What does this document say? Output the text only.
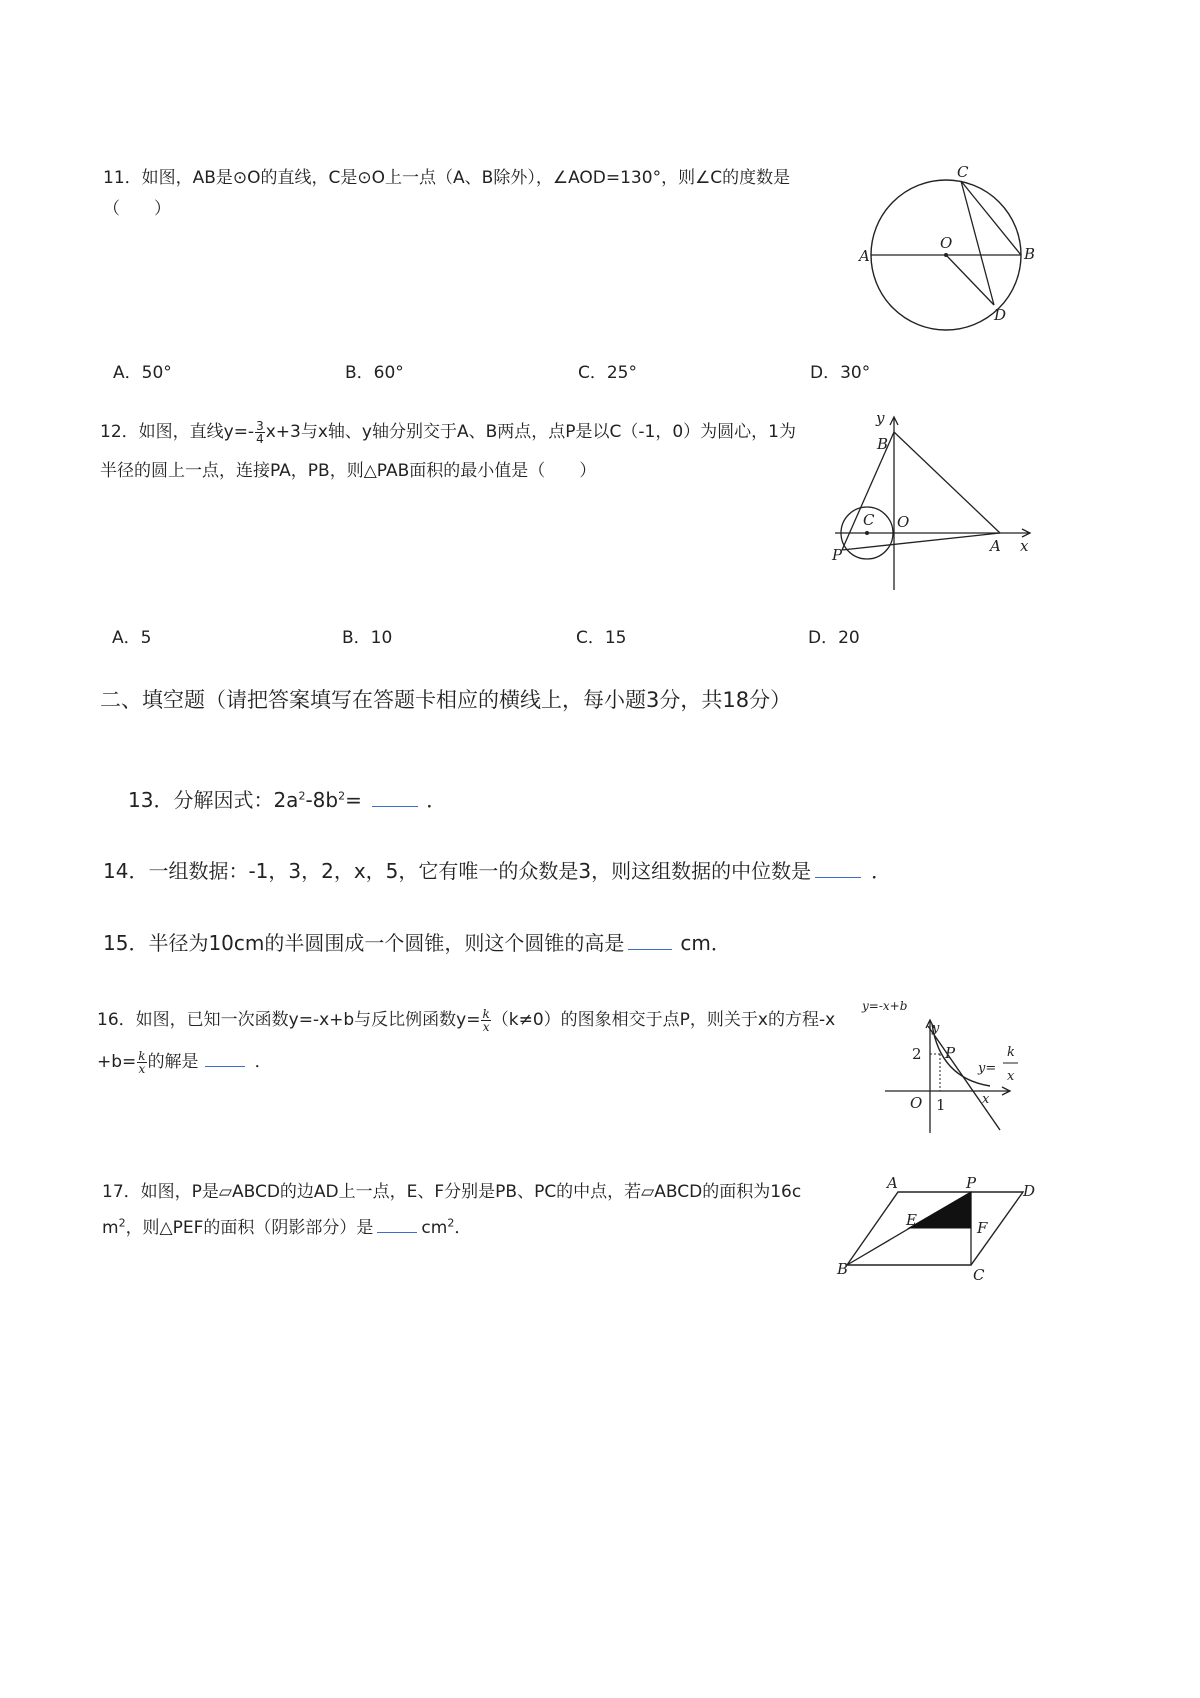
11．如图，AB是⊙O的直线，C是⊙O上一点（A、B除外），∠AOD=130°，则∠C的度数是
（　　）
A	B
C
D
O
A．50°	B．60°	C．25°	D．30°
12．如图，直线$y=- \frac{3}{4} x+3$与x轴、y轴分别交于A、B两点，点P是以C（-1，0）为圆心，1为
半径的圆上一点，连接PA，PB，则△PAB面积的最小值是（　　）
y
x
B
C O
A
P
A．5	B．10	C．15	D．20
二、填空题（请把答案填写在答题卡相应的横线上，每小题3分，共18分）
13．分解因式：$2a^2-8b^2=$	．
14．一组数据：-1，3，2，x，5，它有唯一的众数是3，则这组数据的中位数是	．
15．半径为10cm的半圆围成一个圆锥，则这个圆锥的高是	cm．
16．如图，已知一次函数y=-x+b与反比例函数$y= \frac{k}{x} (k\ne 0)$的图象相交于点P，则关于x的方程-x
$+b= \frac{k}{x}$ 的解是	．
y=-x+b
y
2 P
y=
k
x
O 1	x
17．如图，P是▱ABCD的边AD上一点，E、F分别是PB、PC的中点，若▱ABCD的面积为16c
$m^2$，则△PEF的面积（阴影部分）是	$cm^2$．
A	P	D
E	F
B	C
